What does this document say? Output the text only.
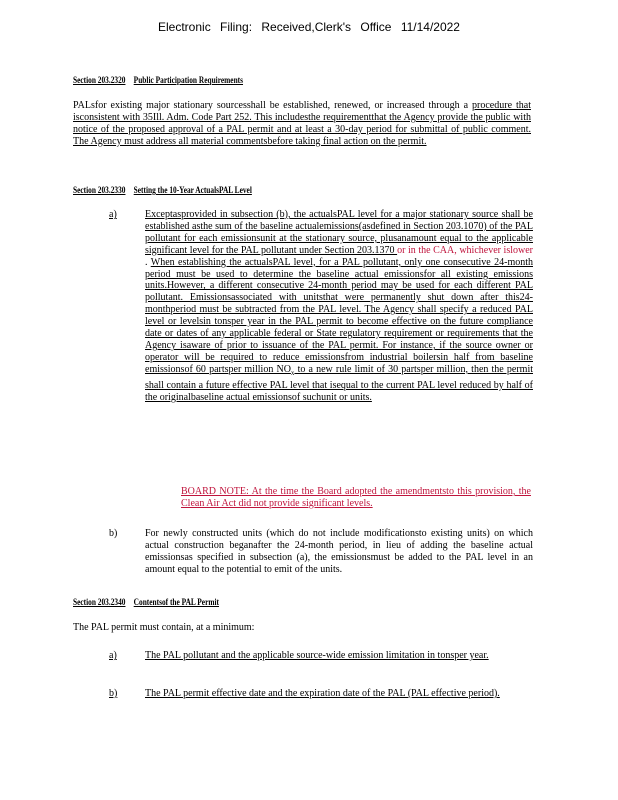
Electronic Filing: Received,Clerk's Office 11/14/2022
Section 203.2320 Public Participation Requirements
PALsfor existing major stationary sourcesshall be established, renewed, or increased through a procedure that isconsistent with 35Ill. Adm. Code Part 252. This includesthe requirementthat the Agency provide the public with notice of the proposed approval of a PAL permit and at least a 30-day period for submittal of public comment. The Agency must address all material commentsbefore taking final action on the permit.
Section 203.2330 Setting the 10-Year ActualsPAL Level
a)	Exceptasprovided in subsection (b), the actualsPAL level for a major stationary source shall be established asthe sum of the baseline actualemissions(asdefined in Section 203.1070) of the PAL pollutant for each emissionsunit at the stationary source, plusanamount equal to the applicable significant level for the PAL pollutant under Section 203.1370 or in the CAA, whichever islower . When establishing the actualsPAL level, for a PAL pollutant, only one consecutive 24-month period must be used to determine the baseline actual emissionsfor all existing emissions units.However, a different consecutive 24-month period may be used for each different PAL pollutant. Emissionsassociated with unitsthat were permanently shut down after this24-monthperiod must be subtracted from the PAL level. The Agency shall specify a reduced PAL level or levelsin tonsper year in the PAL permit to become effective on the future compliance date or dates of any applicable federal or State regulatory requirement or requirements that the Agency isaware of prior to issuance of the PAL permit. For instance, if the source owner or operator will be required to reduce emissionsfrom industrial boilersin half from baseline emissionsof 60 partsper million $NO_x$ to a new rule limit of 30 partsper million, then the permit shall contain a future effective PAL level that isequal to the current PAL level reduced by half of the originalbaseline actual emissionsof suchunit or units.
BOARD NOTE: At the time the Board adopted the amendmentsto this provision, the Clean Air Act did not provide significant levels.
b)	For newly constructed units (which do not include modificationsto existing units) on which actual construction beganafter the 24-month period, in lieu of adding the baseline actual emissionsas specified in subsection (a), the emissionsmust be added to the PAL level in an amount equal to the potential to emit of the units.
Section 203.2340 Contentsof the PAL Permit
The PAL permit must contain, at a minimum:
a)	The PAL pollutant and the applicable source-wide emission limitation in tonsper year.
b)	The PAL permit effective date and the expiration date of the PAL (PAL effective period).
